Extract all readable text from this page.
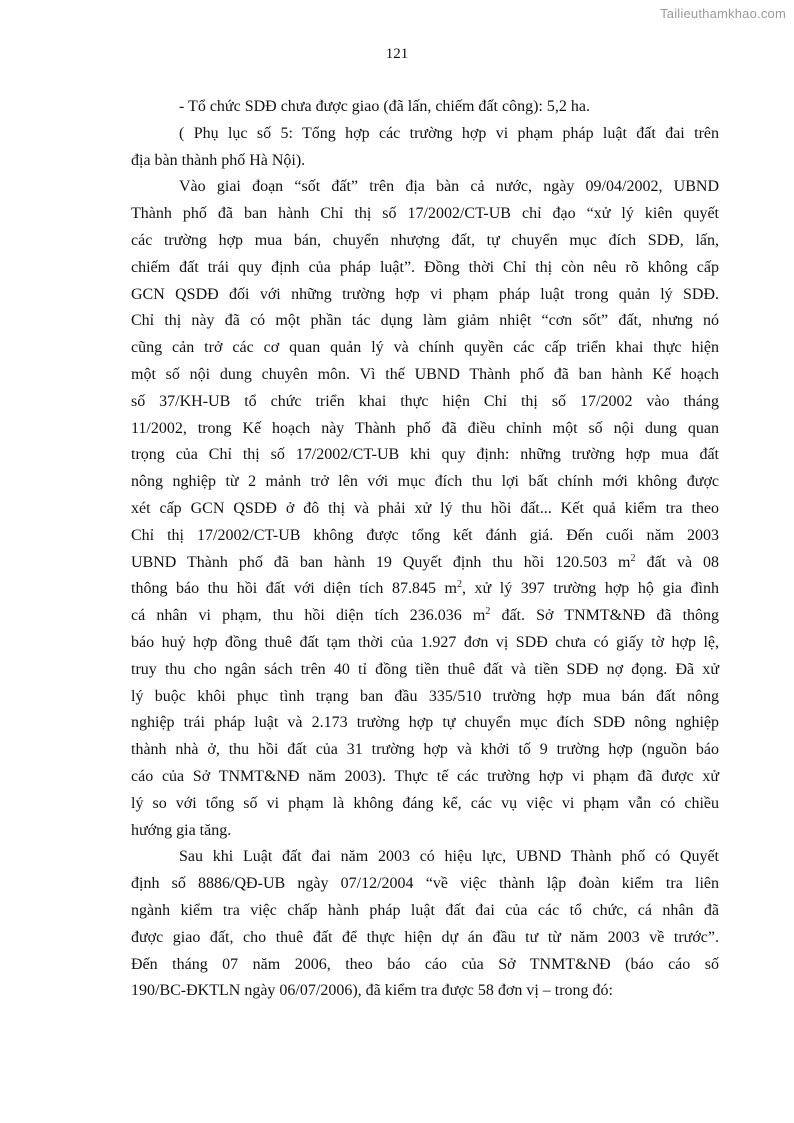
Tailieuthamkhao.com
121
- Tổ chức SDĐ chưa được giao (đã lấn, chiếm đất công): 5,2 ha.
( Phụ lục số 5: Tổng hợp các trường hợp vi phạm pháp luật đất đai trên
địa bàn thành phố Hà Nội).
Vào giai đoạn “sốt đất” trên địa bàn cả nước, ngày 09/04/2002, UBND
Thành phố đã ban hành Chỉ thị số 17/2002/CT-UB chỉ đạo “xử lý kiên quyết
các trường hợp mua bán, chuyển nhượng đất, tự chuyển mục đích SDĐ, lấn,
chiếm đất trái quy định của pháp luật”. Đồng thời Chỉ thị còn nêu rõ không cấp
GCN QSDĐ đối với những trường hợp vi phạm pháp luật trong quản lý SDĐ.
Chỉ thị này đã có một phần tác dụng làm giảm nhiệt “cơn sốt” đất, nhưng nó
cũng cản trở các cơ quan quản lý và chính quyền các cấp triển khai thực hiện
một số nội dung chuyên môn. Vì thế UBND Thành phố đã ban hành Kế hoạch
số 37/KH-UB tổ chức triển khai thực hiện Chỉ thị số 17/2002 vào tháng
11/2002, trong Kế hoạch này Thành phố đã điều chỉnh một số nội dung quan
trọng của Chỉ thị số 17/2002/CT-UB khi quy định: những trường hợp mua đất
nông nghiệp từ 2 mảnh trở lên với mục đích thu lợi bất chính mới không được
xét cấp GCN QSDĐ ở đô thị và phải xử lý thu hồi đất... Kết quả kiểm tra theo
Chỉ thị 17/2002/CT-UB không được tổng kết đánh giá. Đến cuối năm 2003
UBND Thành phố đã ban hành 19 Quyết định thu hồi 120.503 $m^2$ đất và 08
thông báo thu hồi đất với diện tích 87.845 $m^2$, xử lý 397 trường hợp hộ gia đình
cá nhân vi phạm, thu hồi diện tích 236.036 $m^2$ đất. Sở TNMT&NĐ đã thông
báo huỷ hợp đồng thuê đất tạm thời của 1.927 đơn vị SDĐ chưa có giấy tờ hợp lệ,
truy thu cho ngân sách trên 40 tỉ đồng tiền thuê đất và tiền SDĐ nợ đọng. Đã xử
lý buộc khôi phục tình trạng ban đầu 335/510 trường hợp mua bán đất nông
nghiệp trái pháp luật và 2.173 trường hợp tự chuyển mục đích SDĐ nông nghiệp
thành nhà ở, thu hồi đất của 31 trường hợp và khởi tố 9 trường hợp (nguồn báo
cáo của Sở TNMT&NĐ năm 2003). Thực tế các trường hợp vi phạm đã được xử
lý so với tổng số vi phạm là không đáng kể, các vụ việc vi phạm vẫn có chiều
hướng gia tăng.
Sau khi Luật đất đai năm 2003 có hiệu lực, UBND Thành phố có Quyết
định số 8886/QĐ-UB ngày 07/12/2004 “về việc thành lập đoàn kiểm tra liên
ngành kiểm tra việc chấp hành pháp luật đất đai của các tổ chức, cá nhân đã
được giao đất, cho thuê đất để thực hiện dự án đầu tư từ năm 2003 về trước”.
Đến tháng 07 năm 2006, theo báo cáo của Sở TNMT&NĐ (báo cáo số
190/BC-ĐKTLN ngày 06/07/2006), đã kiểm tra được 58 đơn vị – trong đó:
